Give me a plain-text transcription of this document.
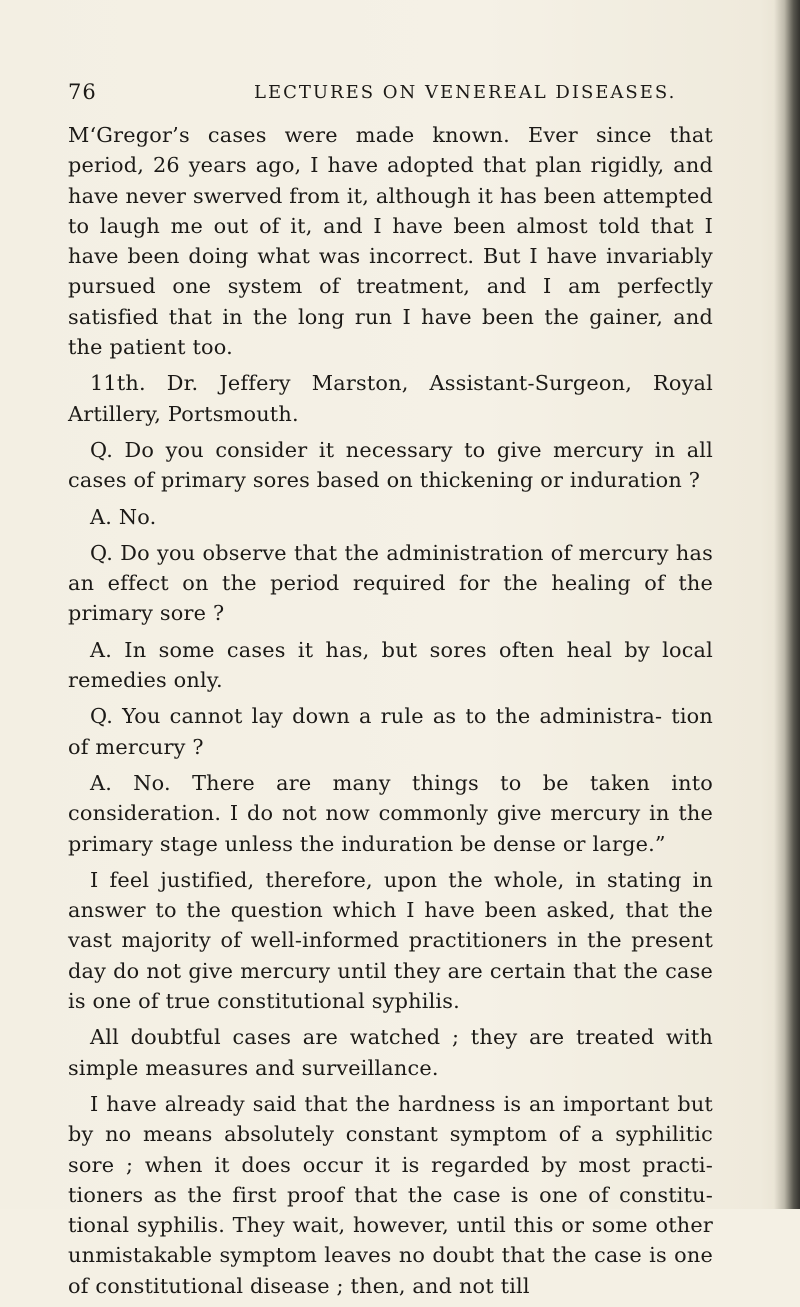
76	LECTURES ON VENEREAL DISEASES.

M‘Gregor’s cases were made known. Ever since that period, 26 years ago, I have adopted that plan rigidly, and have never swerved from it, although it has been attempted to laugh me out of it, and I have been almost told that I have been doing what was incorrect. But I have invariably pursued one system of treatment, and I am perfectly satisfied that in the long run I have been the gainer, and the patient too.

11th. Dr. Jeffery Marston, Assistant-Surgeon, Royal Artillery, Portsmouth.

Q. Do you consider it necessary to give mercury in all cases of primary sores based on thickening or induration ?

A. No.

Q. Do you observe that the administration of mercury has an effect on the period required for the healing of the primary sore ?

A. In some cases it has, but sores often heal by local remedies only.

Q. You cannot lay down a rule as to the administra- tion of mercury ?

A. No. There are many things to be taken into consideration. I do not now commonly give mercury in the primary stage unless the induration be dense or large.”

I feel justified, therefore, upon the whole, in stating in answer to the question which I have been asked, that the vast majority of well-informed practitioners in the present day do not give mercury until they are certain that the case is one of true constitutional syphilis.

All doubtful cases are watched ; they are treated with simple measures and surveillance.

I have already said that the hardness is an important but by no means absolutely constant symptom of a syphilitic sore ; when it does occur it is regarded by most practi- tioners as the first proof that the case is one of constitu- tional syphilis. They wait, however, until this or some other unmistakable symptom leaves no doubt that the case is one of constitutional disease ; then, and not till
